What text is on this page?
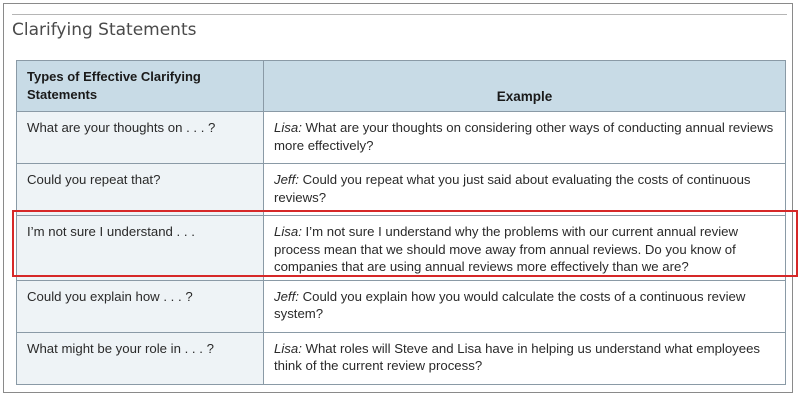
Clarifying Statements
Types of Effective Clarifying Statements	Example
What are your thoughts on . . . ?	Lisa: What are your thoughts on considering other ways of conducting annual reviews more effectively?
Could you repeat that?	Jeff: Could you repeat what you just said about evaluating the costs of continuous reviews?
I’m not sure I understand . . .	Lisa: I’m not sure I understand why the problems with our current annual review process mean that we should move away from annual reviews. Do you know of companies that are using annual reviews more effectively than we are?
Could you explain how . . . ?	Jeff: Could you explain how you would calculate the costs of a continuous review system?
What might be your role in . . . ?	Lisa: What roles will Steve and Lisa have in helping us understand what employees think of the current review process?
